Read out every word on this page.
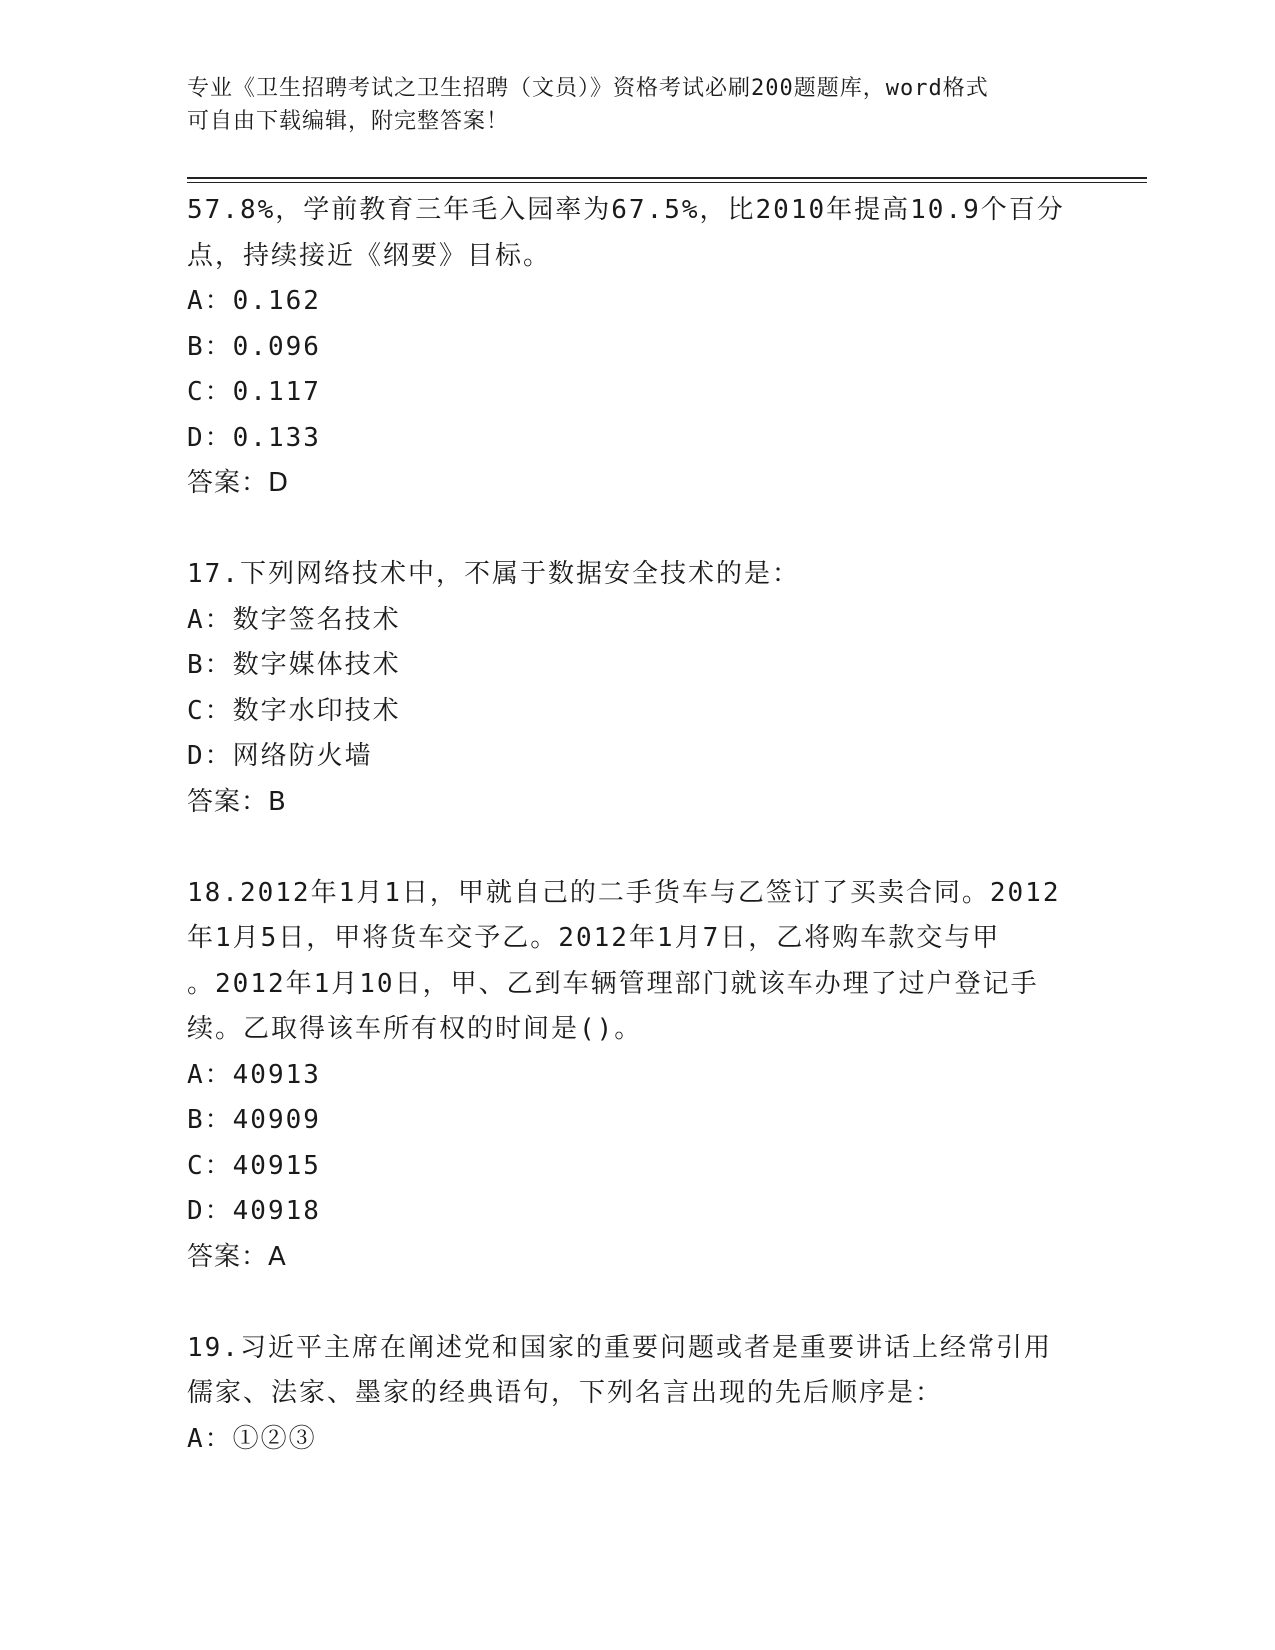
专业《卫生招聘考试之卫生招聘（文员）》资格考试必刷200题题库，word格式
可自由下载编辑，附完整答案！
57.8%，学前教育三年毛入园率为67.5%，比2010年提高10.9个百分
点，持续接近《纲要》目标。
A：0.162
B：0.096
C：0.117
D：0.133
答案：D
17.下列网络技术中，不属于数据安全技术的是：
A：数字签名技术
B：数字媒体技术
C：数字水印技术
D：网络防火墙
答案：B
18.2012年1月1日，甲就自己的二手货车与乙签订了买卖合同。2012
年1月5日，甲将货车交予乙。2012年1月7日，乙将购车款交与甲
。2012年1月10日，甲、乙到车辆管理部门就该车办理了过户登记手
续。乙取得该车所有权的时间是()。
A：40913
B：40909
C：40915
D：40918
答案：A
19.习近平主席在阐述党和国家的重要问题或者是重要讲话上经常引用
儒家、法家、墨家的经典语句，下列名言出现的先后顺序是：
A：①②③
